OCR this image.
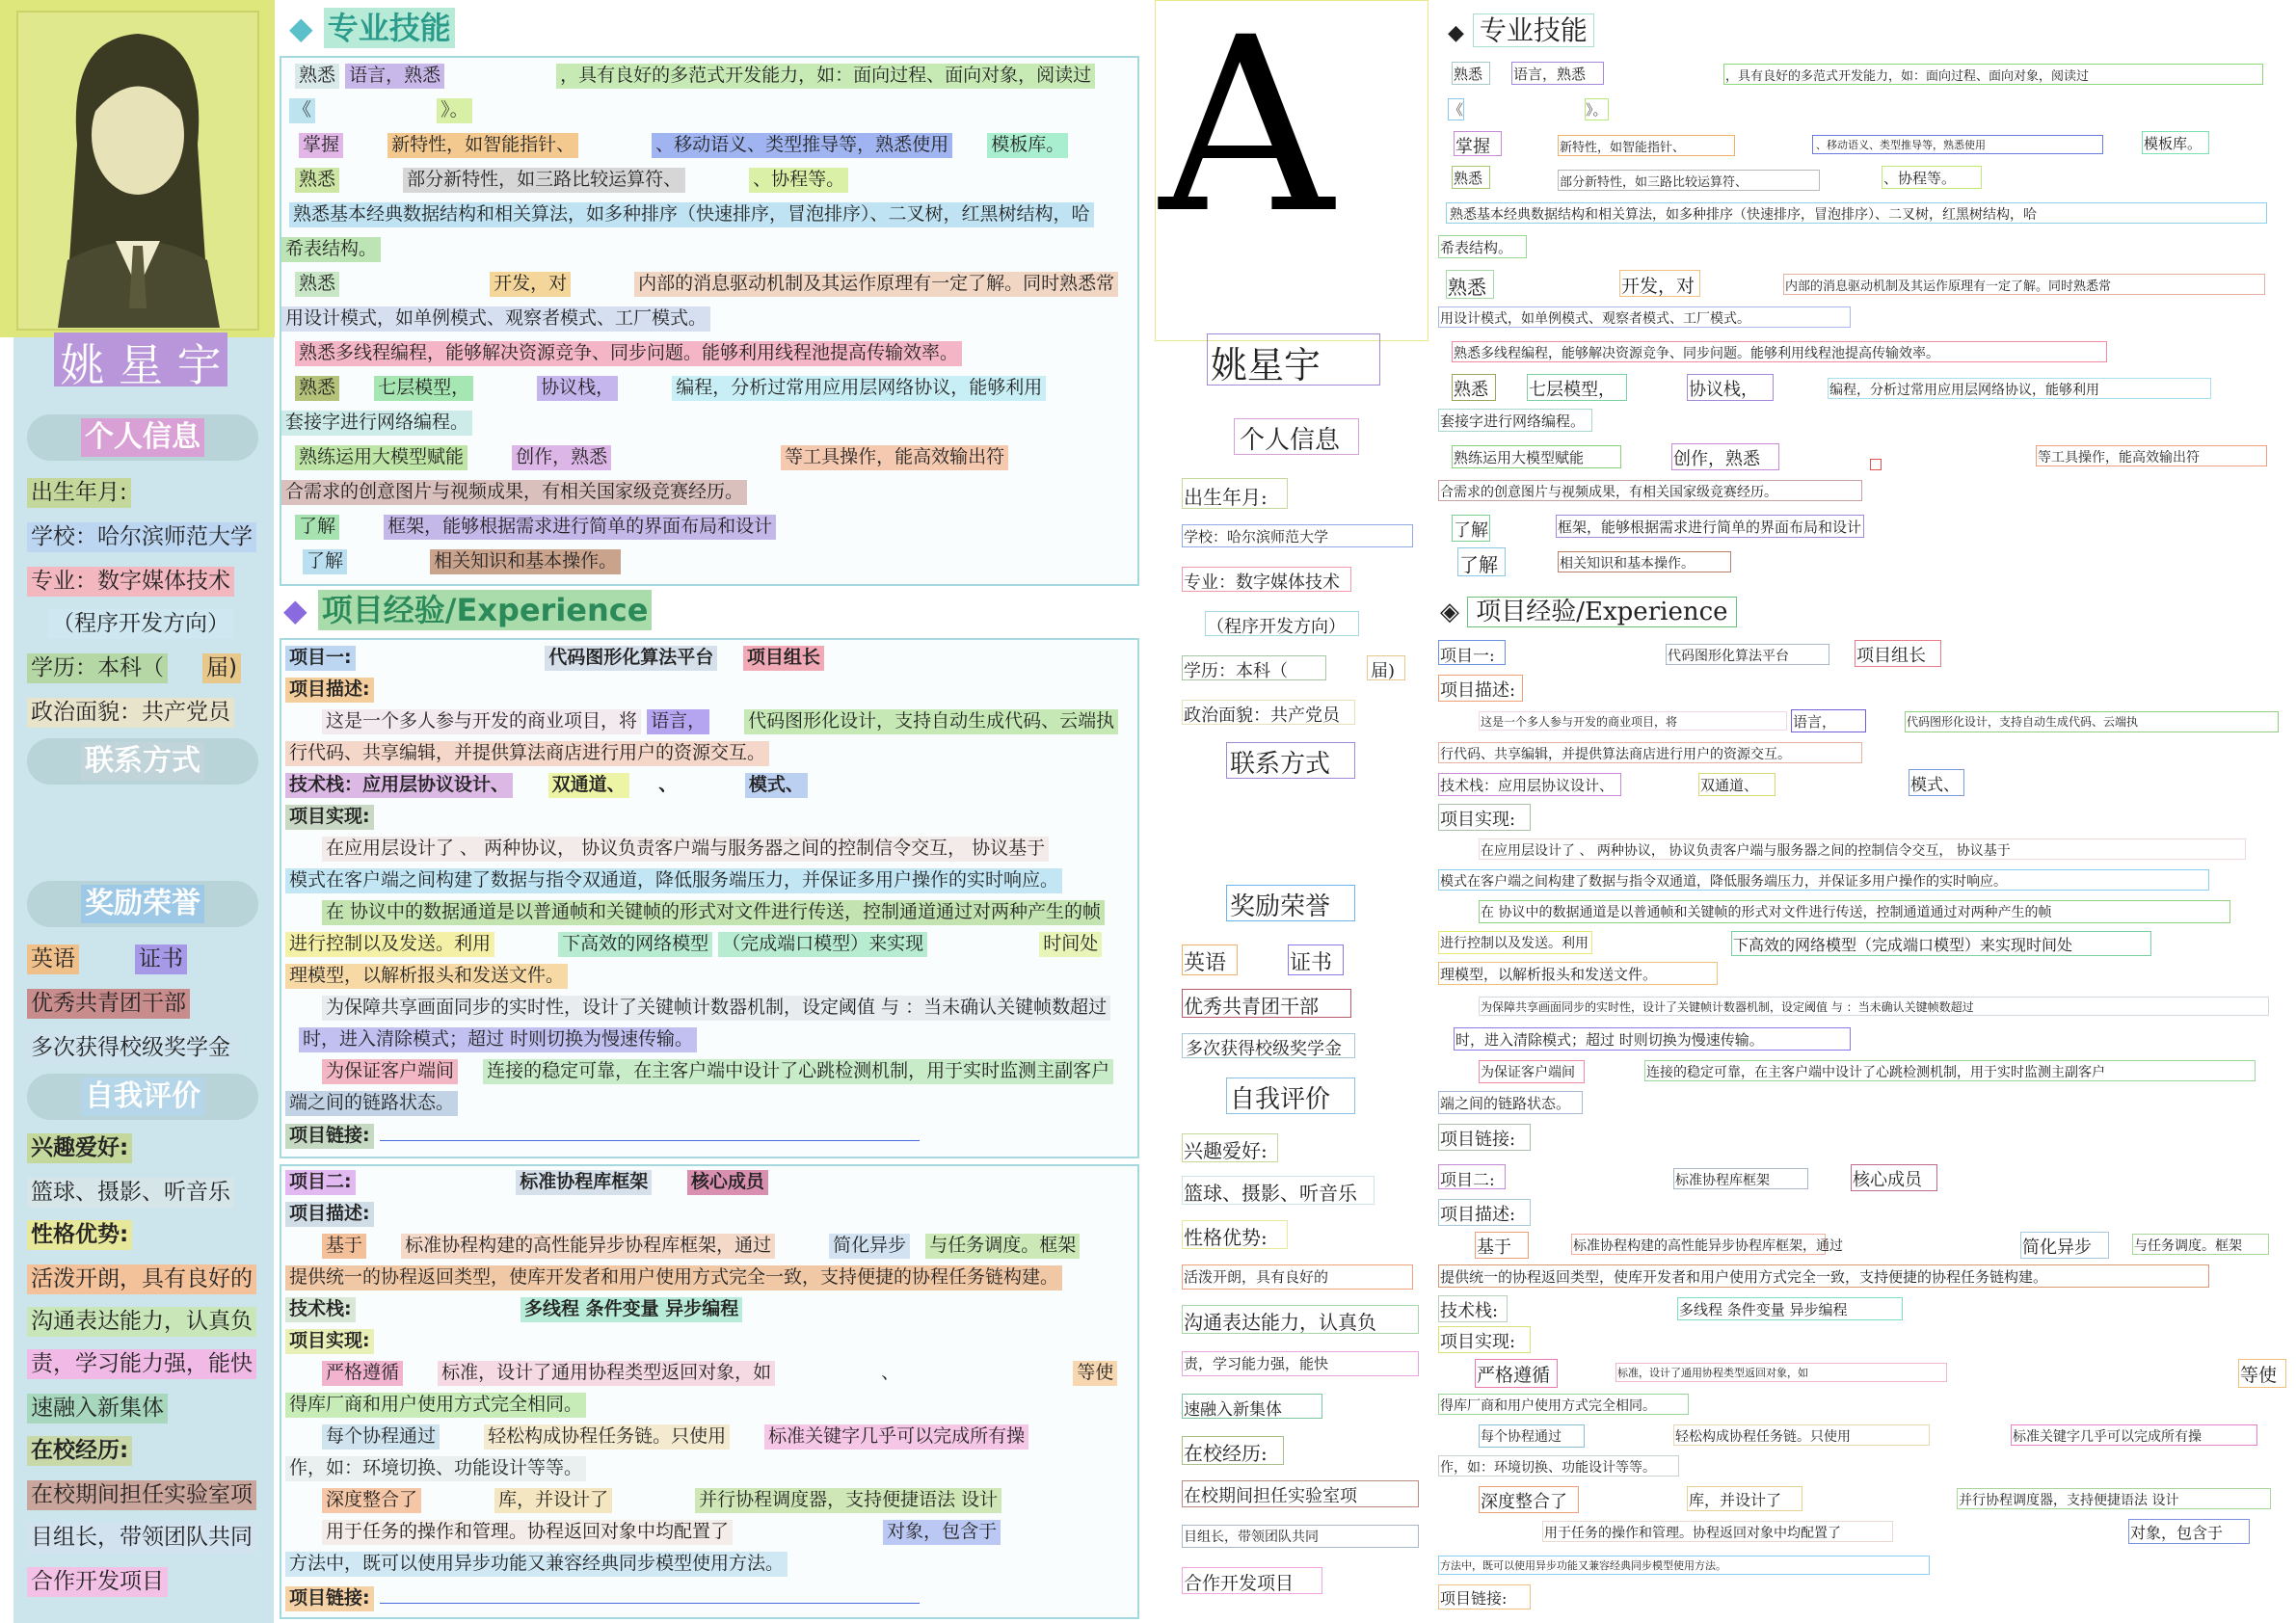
姚 星 宇
个人信息
出生年月:
学校：哈尔滨师范大学
专业：数字媒体技术
（程序开发方向）
学历：本科（ 届)
政治面貌：共产党员
联系方式
奖励荣誉
英语	证书
优秀共青团干部
多次获得校级奖学金
自我评价
兴趣爱好:
篮球、摄影、听音乐
性格优势:
活泼开朗，具有良好的
沟通表达能力，认真负
责，学习能力强，能快
速融入新集体
在校经历:
在校期间担任实验室项
目组长，带领团队共同
合作开发项目
◆ 专业技能
熟悉 语言，熟悉	，具有良好的多范式开发能力，如：面向过程、面向对象，阅读过
《	》。
掌握	新特性，如智能指针、	、移动语义、类型推导等，熟悉使用 模板库。
熟悉	部分新特性，如三路比较运算符、	、协程等。
熟悉基本经典数据结构和相关算法，如多种排序（快速排序，冒泡排序）、二叉树，红黑树结构，哈
希表结构。
熟悉	开发，对	内部的消息驱动机制及其运作原理有一定了解。同时熟悉常
用设计模式，如单例模式、观察者模式、工厂模式。
熟悉多线程编程，能够解决资源竞争、同步问题。能够利用线程池提高传输效率。
熟悉 七层模型，	协议栈，	编程，分析过常用应用层网络协议，能够利用
套接字进行网络编程。
熟练运用大模型赋能	创作，熟悉	等工具操作，能高效输出符
合需求的创意图片与视频成果，有相关国家级竞赛经历。
了解	框架，能够根据需求进行简单的界面布局和设计
了解	相关知识和基本操作。
◆ 项目经验/Experience
项目一:	代码图形化算法平台 项目组长
项目描述:
这是一个多人参与开发的商业项目，将 语言， 代码图形化设计，支持自动生成代码、云端执
行代码、共享编辑，并提供算法商店进行用户的资源交互。
技术栈：应用层协议设计、 双通道、 、	模式、
项目实现:
在应用层设计了 、 两种协议， 协议负责客户端与服务器之间的控制信令交互， 协议基于
模式在客户端之间构建了数据与指令双通道，降低服务端压力，并保证多用户操作的实时响应。
在 协议中的数据通道是以普通帧和关键帧的形式对文件进行传送，控制通道通过对两种产生的帧
进行控制以及发送。利用	下高效的网络模型 （完成端口模型）来实现	时间处
理模型，以解析报头和发送文件。
为保障共享画面同步的实时性，设计了关键帧计数器机制，设定阈值 与 ：当未确认关键帧数超过
时，进入清除模式；超过 时则切换为慢速传输。
为保证客户端间 连接的稳定可靠，在主客户端中设计了心跳检测机制，用于实时监测主副客户
端之间的链路状态。
项目链接:
项目二:	标准协程库框架 核心成员
项目描述:
基于 标准协程构建的高性能异步协程库框架，通过	简化异步 与任务调度。框架
提供统一的协程返回类型，使库开发者和用户使用方式完全一致，支持便捷的协程任务链构建。
技术栈:	多线程 条件变量 异步编程
项目实现:
严格遵循 标准，设计了通用协程类型返回对象，如	、	等使
得库厂商和用户使用方式完全相同。
每个协程通过	轻松构成协程任务链。只使用 标准关键字几乎可以完成所有操
作，如：环境切换、功能设计等等。
深度整合了	库，并设计了	并行协程调度器，支持便捷语法 设计
用于任务的操作和管理。协程返回对象中均配置了	对象，包含于
方法中，既可以使用异步功能又兼容经典同步模型使用方法。
项目链接:
A
姚星宇
个人信息
出生年月:
学校：哈尔滨师范大学
专业：数字媒体技术
（程序开发方向）
学历：本科（	届)
政治面貌：共产党员
联系方式
奖励荣誉
英语	证书
优秀共青团干部
多次获得校级奖学金
自我评价
兴趣爱好:
篮球、摄影、听音乐
性格优势:
活泼开朗，具有良好的
沟通表达能力，认真负
责，学习能力强，能快
速融入新集体
在校经历:
在校期间担任实验室项
目组长，带领团队共同
合作开发项目
◆ 专业技能
熟悉 语言，熟悉	，具有良好的多范式开发能力，如：面向过程、面向对象，阅读过
《	》。
掌握	新特性，如智能指针、	、移动语义、类型推导等，熟悉使用	模板库。
熟悉	部分新特性，如三路比较运算符、	、协程等。
熟悉基本经典数据结构和相关算法，如多种排序（快速排序，冒泡排序）、二叉树，红黑树结构，哈
希表结构。
熟悉	开发，对	内部的消息驱动机制及其运作原理有一定了解。同时熟悉常
用设计模式，如单例模式、观察者模式、工厂模式。
熟悉多线程编程，能够解决资源竞争、同步问题。能够利用线程池提高传输效率。
熟悉 七层模型，	协议栈，	编程，分析过常用应用层网络协议，能够利用
套接字进行网络编程。
熟练运用大模型赋能	创作，熟悉	等工具操作，能高效输出符
合需求的创意图片与视频成果，有相关国家级竞赛经历。
了解	框架，能够根据需求进行简单的界面布局和设计
了解	相关知识和基本操作。
◈ 项目经验/Experience
项目一:	代码图形化算法平台	项目组长
项目描述:
这是一个多人参与开发的商业项目，将	语言，	代码图形化设计，支持自动生成代码、云端执
行代码、共享编辑，并提供算法商店进行用户的资源交互。
技术栈：应用层协议设计、	双通道、	模式、
项目实现:
在应用层设计了 、 两种协议， 协议负责客户端与服务器之间的控制信令交互， 协议基于
模式在客户端之间构建了数据与指令双通道，降低服务端压力，并保证多用户操作的实时响应。
在 协议中的数据通道是以普通帧和关键帧的形式对文件进行传送，控制通道通过对两种产生的帧
进行控制以及发送。利用	下高效的网络模型（完成端口模型）来实现时间处
理模型，以解析报头和发送文件。
为保障共享画面同步的实时性，设计了关键帧计数器机制，设定阈值 与 ：当未确认关键帧数超过
时，进入清除模式；超过 时则切换为慢速传输。
为保证客户端间	连接的稳定可靠，在主客户端中设计了心跳检测机制，用于实时监测主副客户
端之间的链路状态。
项目链接:
项目二:	标准协程库框架	核心成员
项目描述:
基于	标准协程构建的高性能异步协程库框架，通过	简化异步	与任务调度。框架
提供统一的协程返回类型，使库开发者和用户使用方式完全一致，支持便捷的协程任务链构建。
技术栈:	多线程 条件变量 异步编程
项目实现:
严格遵循	标准，设计了通用协程类型返回对象，如	等使
得库厂商和用户使用方式完全相同。
每个协程通过	轻松构成协程任务链。只使用	标准关键字几乎可以完成所有操
作，如：环境切换、功能设计等等。
深度整合了	库，并设计了	并行协程调度器，支持便捷语法 设计
用于任务的操作和管理。协程返回对象中均配置了	对象，包含于
方法中，既可以使用异步功能又兼容经典同步模型使用方法。
项目链接:
